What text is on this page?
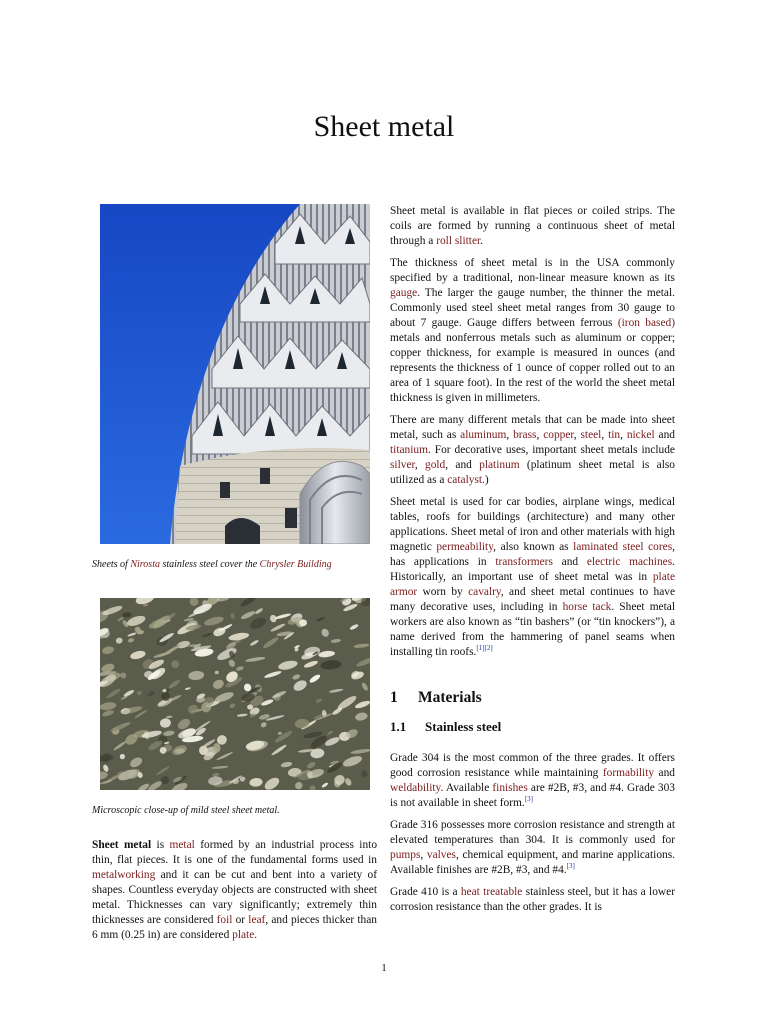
Sheet metal
Sheets of Nirosta stainless steel cover the Chrysler Building
Microscopic close-up of mild steel sheet metal.

Sheet metal is metal formed by an industrial process into thin, flat pieces. It is one of the fundamental forms used in metalworking and it can be cut and bent into a variety of shapes. Countless everyday objects are constructed with sheet metal. Thicknesses can vary significantly; extremely thin thicknesses are considered foil or leaf, and pieces thicker than 6 mm (0.25 in) are considered plate.

Sheet metal is available in flat pieces or coiled strips. The coils are formed by running a continuous sheet of metal through a roll slitter.

The thickness of sheet metal is in the USA commonly specified by a traditional, non-linear measure known as its gauge. The larger the gauge number, the thinner the metal. Commonly used steel sheet metal ranges from 30 gauge to about 7 gauge. Gauge differs between ferrous (iron based) metals and nonferrous metals such as aluminum or copper; copper thickness, for example is measured in ounces (and represents the thickness of 1 ounce of copper rolled out to an area of 1 square foot). In the rest of the world the sheet metal thickness is given in millimeters.

There are many different metals that can be made into sheet metal, such as aluminum, brass, copper, steel, tin, nickel and titanium. For decorative uses, important sheet metals include silver, gold, and platinum (platinum sheet metal is also utilized as a catalyst.)

Sheet metal is used for car bodies, airplane wings, medical tables, roofs for buildings (architecture) and many other applications. Sheet metal of iron and other materials with high magnetic permeability, also known as laminated steel cores, has applications in transformers and electric machines. Historically, an important use of sheet metal was in plate armor worn by cavalry, and sheet metal continues to have many decorative uses, including in horse tack. Sheet metal workers are also known as “tin bashers” (or “tin knockers”), a name derived from the hammering of panel seams when installing tin roofs.[1][2]

1 Materials
1.1 Stainless steel

Grade 304 is the most common of the three grades. It offers good corrosion resistance while maintaining formability and weldability. Available finishes are #2B, #3, and #4. Grade 303 is not available in sheet form.[3]

Grade 316 possesses more corrosion resistance and strength at elevated temperatures than 304. It is commonly used for pumps, valves, chemical equipment, and marine applications. Available finishes are #2B, #3, and #4.[3]

Grade 410 is a heat treatable stainless steel, but it has a lower corrosion resistance than the other grades. It is

1
